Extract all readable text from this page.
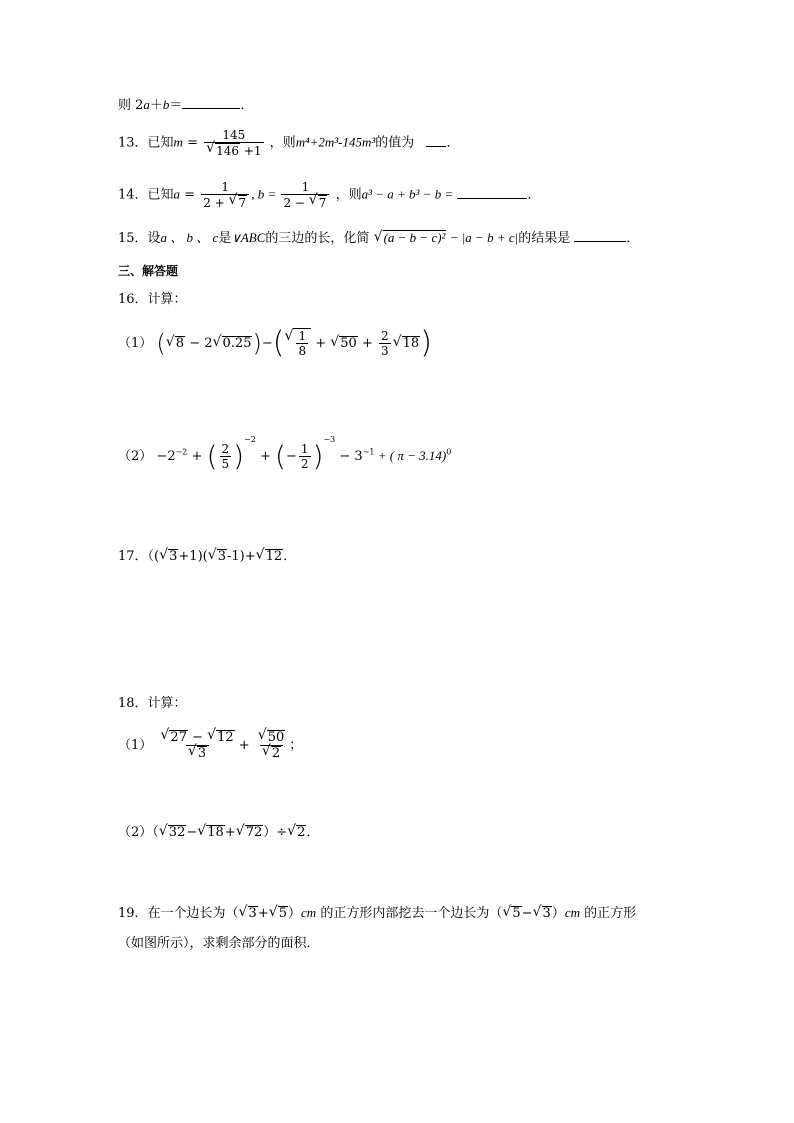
则 2a＋b＝	．
13．已知m = 145
√ 146 +1 ，则m⁴+2m³-145m³的值为 ．
14．已知$a = \frac{1}{2 + √ 7}$ , $b = \frac{1}{2 - √ 7}$ ，则a³ − a + b³ − b =	．
15．设a 、 b 、 c是∨ABC的三边的长，化简 √ (a − b − c)² − |a − b + c|的结果是	．
三、解答题
16．计算：
（1） ( √ 8 − 2 √ 0.25)−( √ $\frac{1}{8}$ + √ $50 + \frac{2}{3}$ √ 18)
$(2) -2^{-2}$ + ( $\frac{2}{5} )^{-2}$ + (− $\frac{1}{2} )^{-3} - 3^{-1}$ + ( π − 3.14)$^0$
17．（( √ 3+1)( √ 3-1)+ √ 12．
18．计算：
（1） √ 27 − √ 12
√ 3 + √ 50
√ 2 ；
（2）（ √ 32− √ 18+ √ 72）÷ √ 2．
19．在一个边长为（ √ 3+ √ 5）cm 的正方形内部挖去一个边长为（ √ 5− √ 3）cm 的正方形
（如图所示），求剩余部分的面积．
